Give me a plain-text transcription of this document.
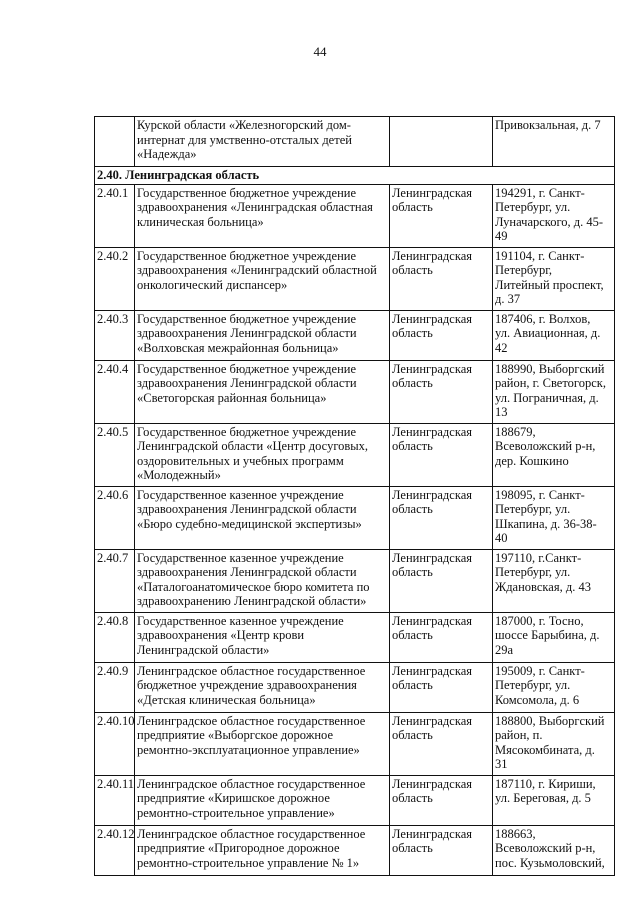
44
	Курской области «Железногорский дом-
интернат для умственно-отсталых детей
«Надежда»		Привокзальная, д. 7
2.40. Ленинградская область			
2.40.1	Государственное бюджетное учреждение
здравоохранения «Ленинградская областная
клиническая больница»	Ленинградская
область	194291, г. Санкт-
Петербург, ул.
Луначарского, д. 45-
49
2.40.2	Государственное бюджетное учреждение
здравоохранения «Ленинградский областной
онкологический диспансер»	Ленинградская
область	191104, г. Санкт-
Петербург,
Литейный проспект,
д. 37
2.40.3	Государственное бюджетное учреждение
здравоохранения Ленинградской области
«Волховская межрайонная больница»	Ленинградская
область	187406, г. Волхов,
ул. Авиационная, д.
42
2.40.4	Государственное бюджетное учреждение
здравоохранения Ленинградской области
«Светогорская районная больница»	Ленинградская
область	188990, Выборгский
район, г. Светогорск,
ул. Пограничная, д.
13
2.40.5	Государственное бюджетное учреждение
Ленинградской области «Центр досуговых,
оздоровительных и учебных программ
«Молодежный»	Ленинградская
область	188679,
Всеволожский р-н,
дер. Кошкино
2.40.6	Государственное казенное учреждение
здравоохранения Ленинградской области
«Бюро судебно-медицинской экспертизы»	Ленинградская
область	198095, г. Санкт-
Петербург, ул.
Шкапина, д. 36-38-
40
2.40.7	Государственное казенное учреждение
здравоохранения Ленинградской области
«Паталогоанатомическое бюро комитета по
здравоохранению Ленинградской области»	Ленинградская
область	197110, г.Санкт-
Петербург, ул.
Ждановская, д. 43
2.40.8	Государственное казенное учреждение
здравоохранения «Центр крови
Ленинградской области»	Ленинградская
область	187000, г. Тосно,
шоссе Барыбина, д.
29а
2.40.9	Ленинградское областное государственное
бюджетное учреждение здравоохранения
«Детская клиническая больница»	Ленинградская
область	195009, г. Санкт-
Петербург, ул.
Комсомола, д. 6
2.40.10	Ленинградское областное государственное
предприятие «Выборгское дорожное
ремонтно-эксплуатационное управление»	Ленинградская
область	188800, Выборгский
район, п.
Мясокомбината, д.
31
2.40.11	Ленинградское областное государственное
предприятие «Киришское дорожное
ремонтно-строительное управление»	Ленинградская
область	187110, г. Кириши,
ул. Береговая, д. 5
2.40.12	Ленинградское областное государственное
предприятие «Пригородное дорожное
ремонтно-строительное управление № 1»	Ленинградская
область	188663,
Всеволожский р-н,
пос. Кузьмоловский,
